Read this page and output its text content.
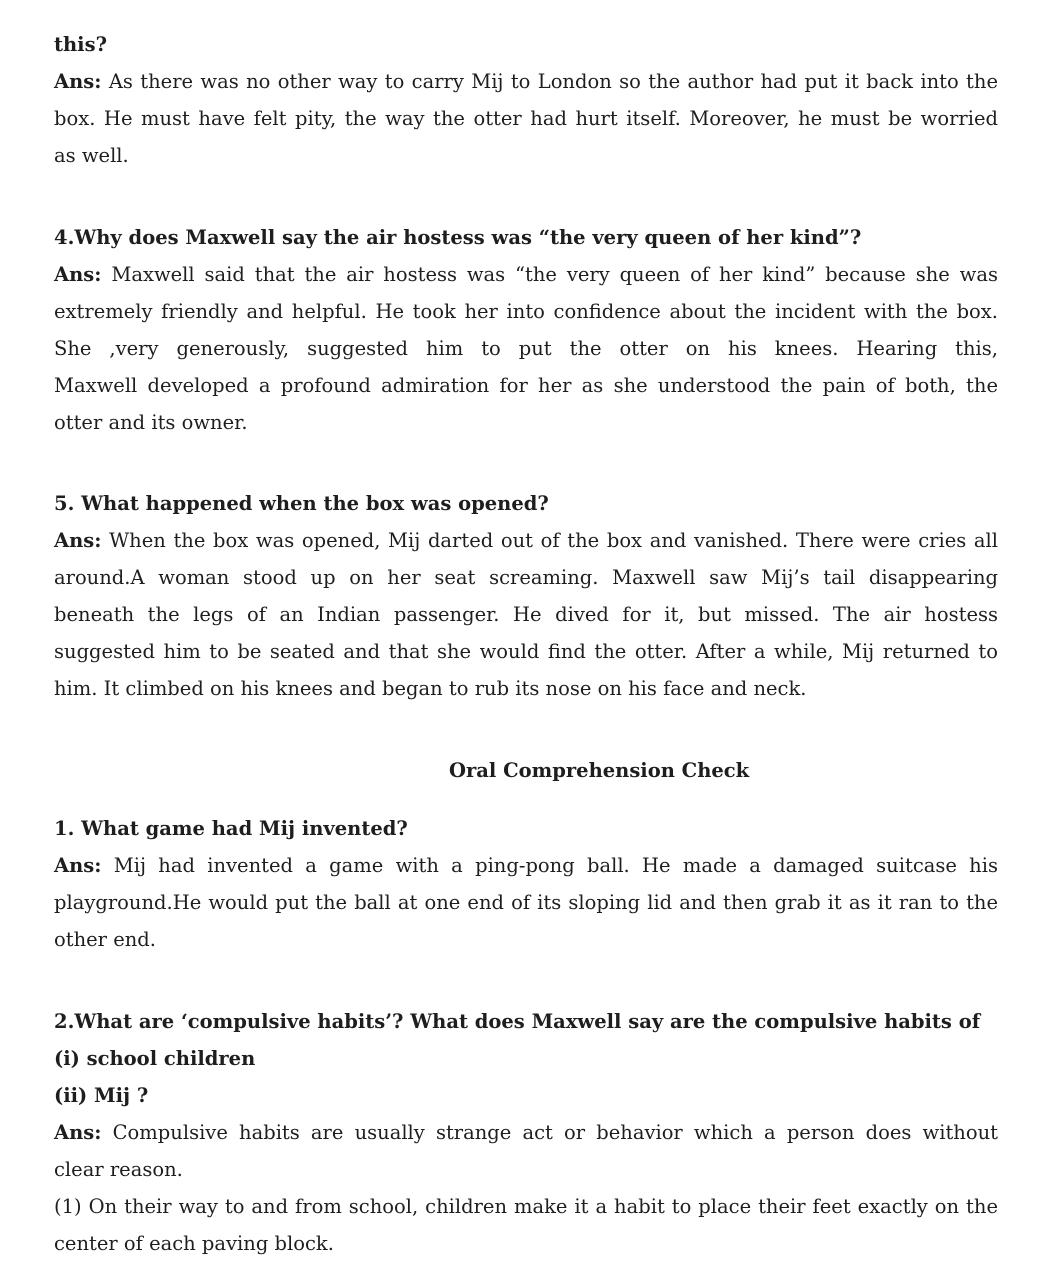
this?
Ans: As there was no other way to carry Mij to London so the author had put it back into the
box. He must have felt pity, the way the otter had hurt itself. Moreover, he must be worried
as well.
4.Why does Maxwell say the air hostess was “the very queen of her kind”?
Ans: Maxwell said that the air hostess was “the very queen of her kind” because she was
extremely friendly and helpful. He took her into confidence about the incident with the box.
She ,very generously, suggested him to put the otter on his knees. Hearing this,
Maxwell developed a profound admiration for her as she understood the pain of both, the
otter and its owner.
5. What happened when the box was opened?
Ans: When the box was opened, Mij darted out of the box and vanished. There were cries all
around.A woman stood up on her seat screaming. Maxwell saw Mij’s tail disappearing
beneath the legs of an Indian passenger. He dived for it, but missed. The air hostess
suggested him to be seated and that she would find the otter. After a while, Mij returned to
him. It climbed on his knees and began to rub its nose on his face and neck.
Oral Comprehension Check
1. What game had Mij invented?
Ans: Mij had invented a game with a ping-pong ball. He made a damaged suitcase his
playground.He would put the ball at one end of its sloping lid and then grab it as it ran to the
other end.
2.What are ‘compulsive habits’? What does Maxwell say are the compulsive habits of
(i) school children
(ii) Mij ?
Ans: Compulsive habits are usually strange act or behavior which a person does without
clear reason.
(1) On their way to and from school, children make it a habit to place their feet exactly on the
center of each paving block.
